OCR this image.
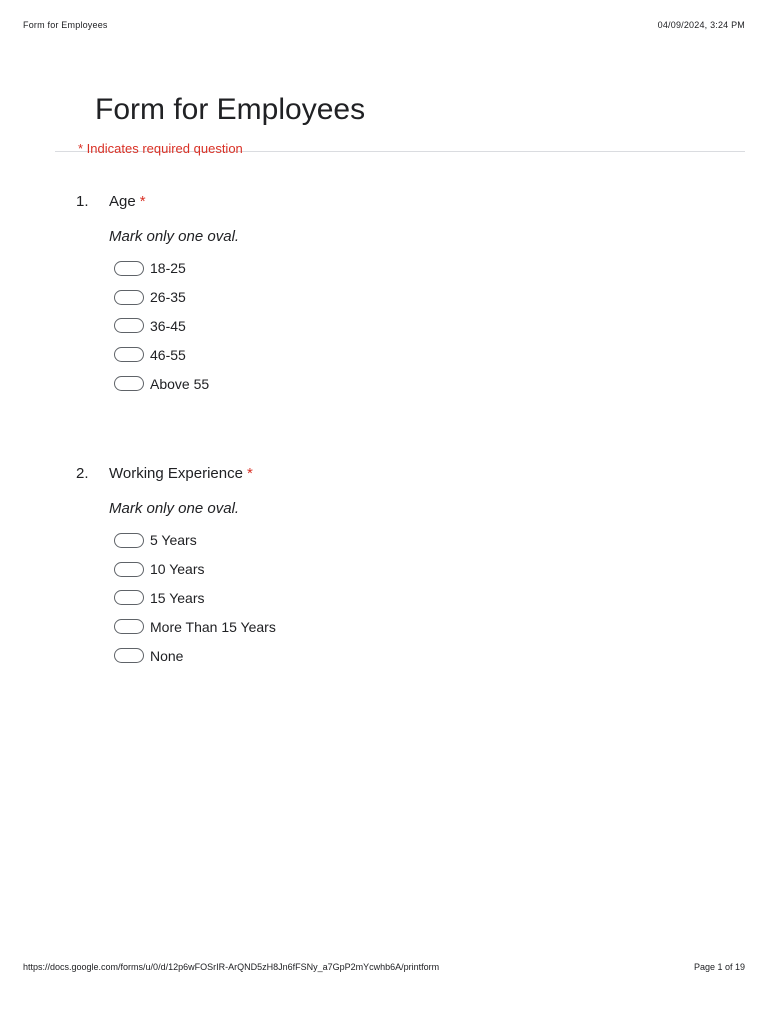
Form for Employees	04/09/2024, 3:24 PM
Form for Employees
* Indicates required question
1. Age *
Mark only one oval.
18-25
26-35
36-45
46-55
Above 55
2. Working Experience *
Mark only one oval.
5 Years
10 Years
15 Years
More Than 15 Years
None
https://docs.google.com/forms/u/0/d/12p6wFOSrIR-ArQND5zH8Jn6fFSNy_a7GpP2mYcwhb6A/printform	Page 1 of 19
